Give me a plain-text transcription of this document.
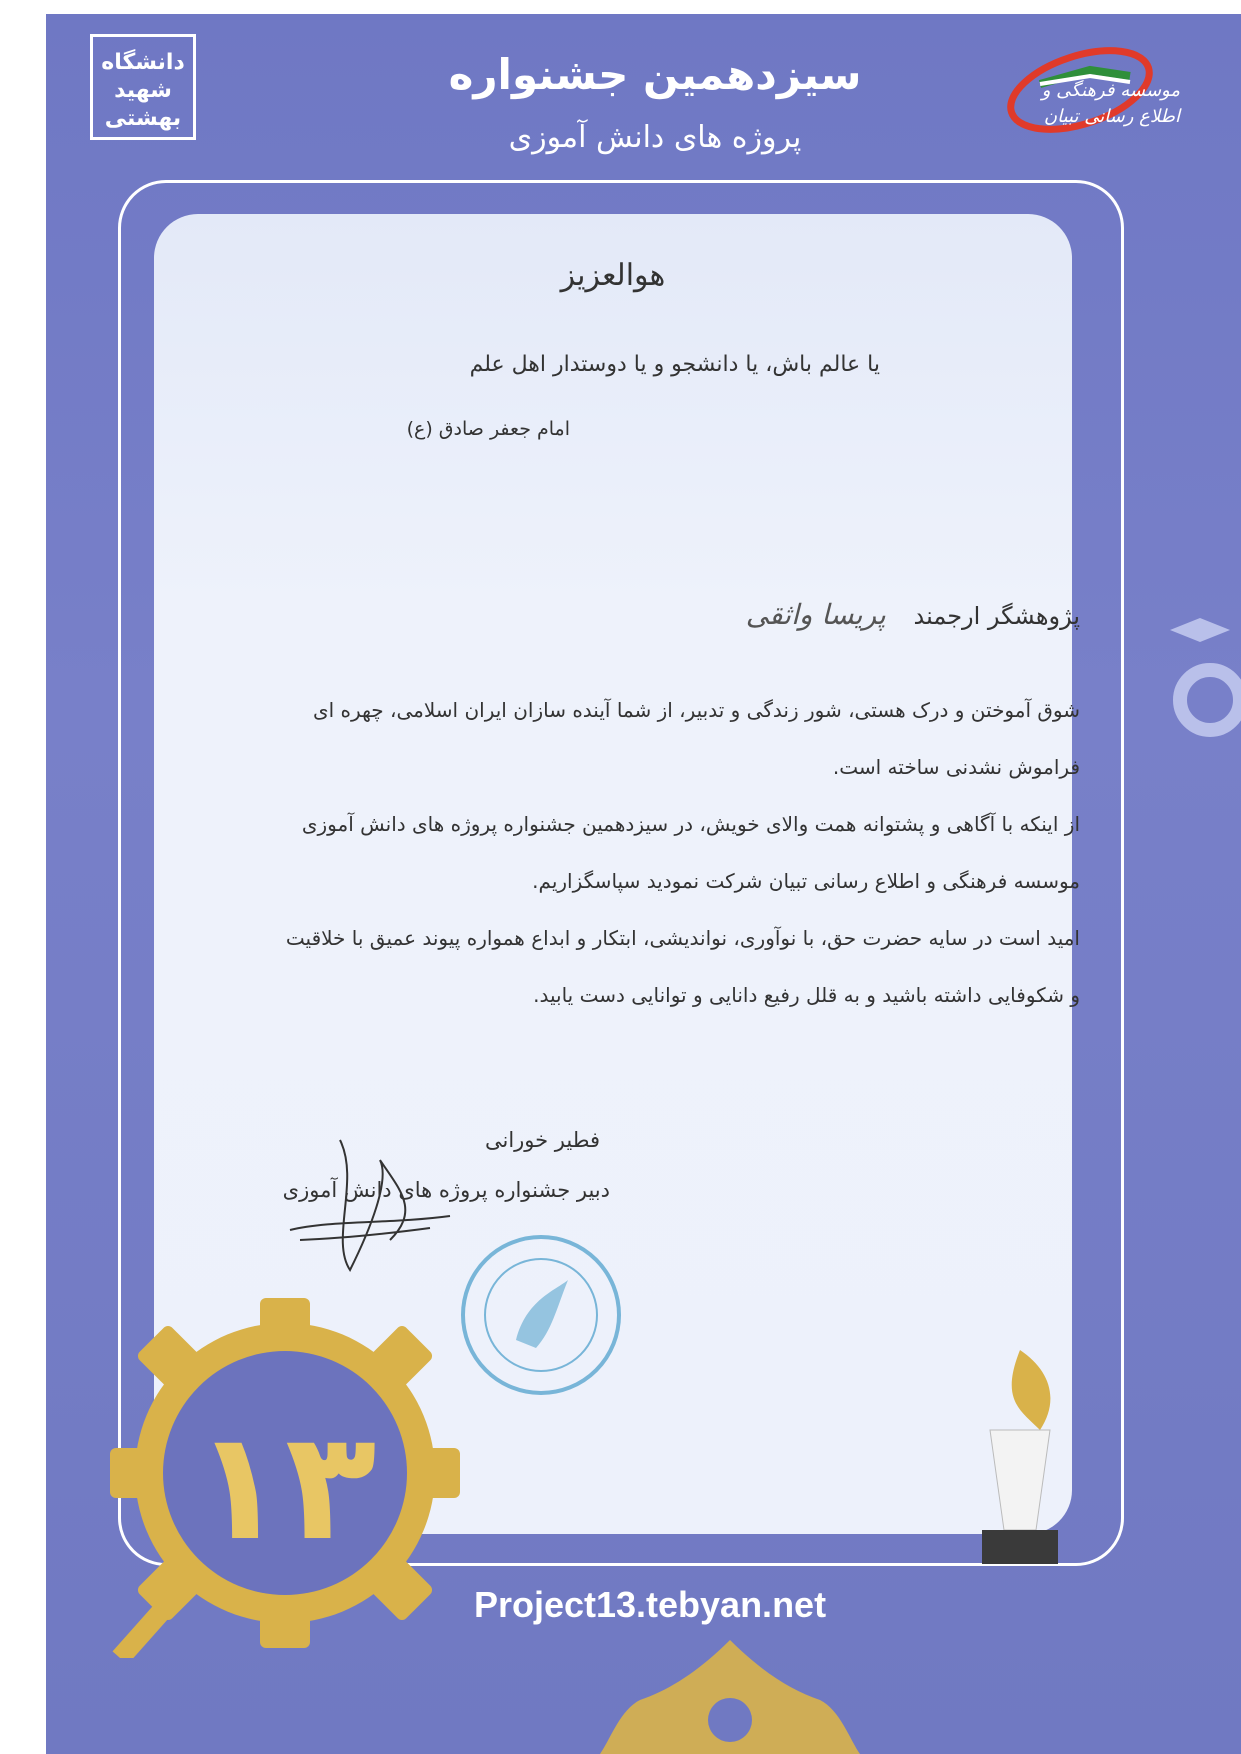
دانشگاه شهید بهشتی
سیزدهمین جشنواره
پروژه های دانش آموزی
موسسه فرهنگی و اطلاع رسانی تبیان
هوالعزیز
یا عالم باش، یا دانشجو و یا دوستدار اهل علم
امام جعفر صادق (ع)
پژوهشگر ارجمند پریسا واثقی
شوق آموختن و درک هستی، شور زندگی و تدبیر، از شما آینده سازان ایران اسلامی، چهره ای
فراموش نشدنی ساخته است.
از اینکه با آگاهی و پشتوانه همت والای خویش، در سیزدهمین جشنواره پروژه های دانش آموزی
موسسه فرهنگی و اطلاع رسانی تبیان شرکت نمودید سپاسگزاریم.
امید است در سایه حضرت حق، با نوآوری، نواندیشی، ابتکار و ابداع همواره پیوند عمیق با خلاقیت
و شکوفایی داشته باشید و به قلل رفیع دانایی و توانایی دست یابید.
فطیر خورانی
دبیر جشنواره پروژه های دانش آموزی
۱۳
Project13.tebyan.net
